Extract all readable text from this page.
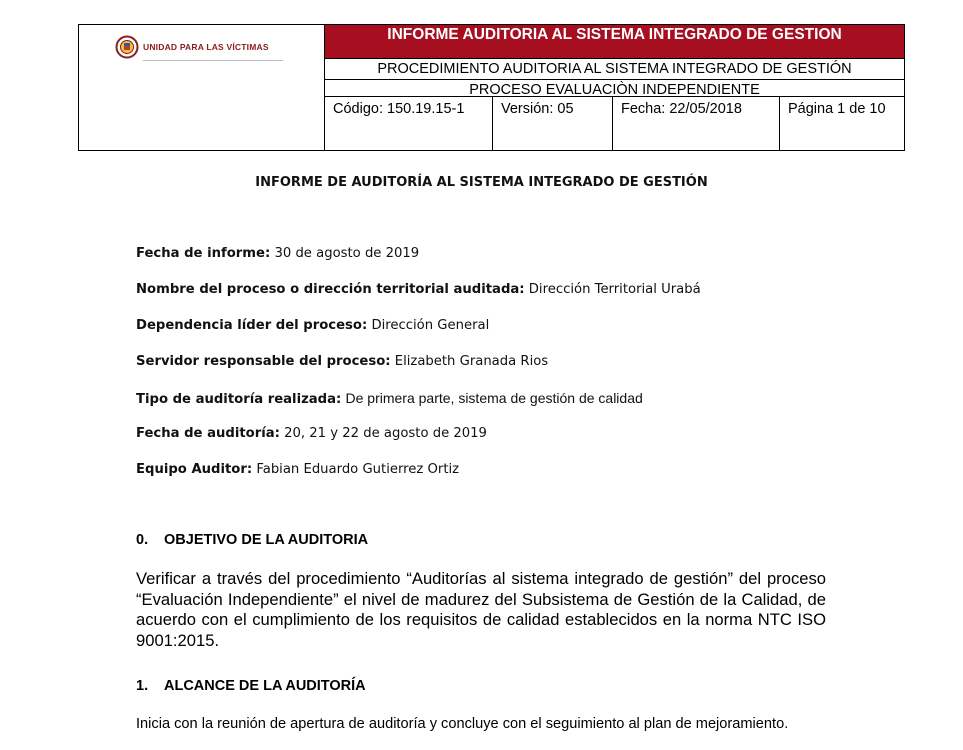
UNIDAD PARA LAS VÍCTIMAS
INFORME AUDITORIA AL SISTEMA INTEGRADO DE GESTION
PROCEDIMIENTO AUDITORIA AL SISTEMA INTEGRADO DE GESTIÓN
PROCESO EVALUACIÒN INDEPENDIENTE
Código: 150.19.15-1	Versión: 05	Fecha: 22/05/2018	Página 1 de 10
INFORME DE AUDITORÍA AL SISTEMA INTEGRADO DE GESTIÓN
Fecha de informe: 30 de agosto de 2019
Nombre del proceso o dirección territorial auditada: Dirección Territorial Urabá
Dependencia líder del proceso: Dirección General
Servidor responsable del proceso: Elizabeth Granada Rios
Tipo de auditoría realizada: De primera parte, sistema de gestión de calidad
Fecha de auditoría: 20, 21 y 22 de agosto de 2019
Equipo Auditor: Fabian Eduardo Gutierrez Ortiz
0. OBJETIVO DE LA AUDITORIA
Verificar a través del procedimiento “Auditorías al sistema integrado de gestión” del proceso “Evaluación Independiente” el nivel de madurez del Subsistema de Gestión de la Calidad, de acuerdo con el cumplimiento de los requisitos de calidad establecidos en la norma NTC ISO 9001:2015.
1. ALCANCE DE LA AUDITORÍA
Inicia con la reunión de apertura de auditoría y concluye con el seguimiento al plan de mejoramiento.
